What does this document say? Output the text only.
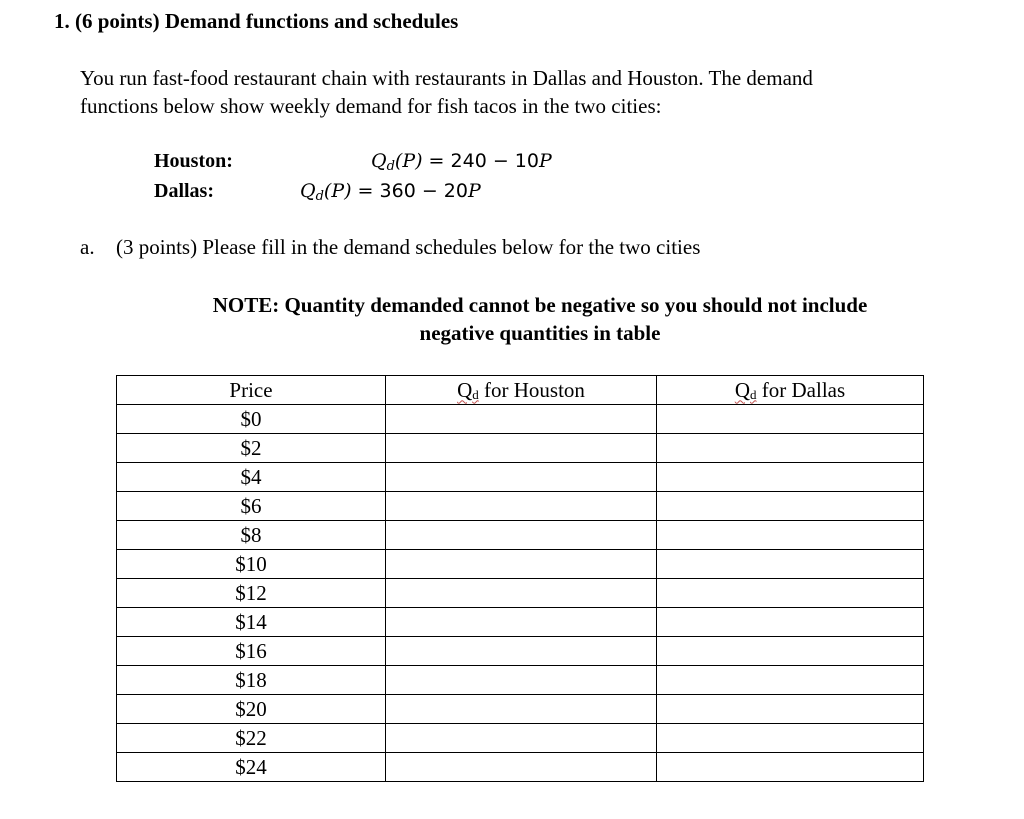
1. (6 points) Demand functions and schedules

You run fast-food restaurant chain with restaurants in Dallas and Houston. The demand
functions below show weekly demand for fish tacos in the two cities:

Houston:	$Q_d(P) = 240 - 10P$
Dallas:	$Q_d(P) = 360 - 20P$
a. (3 points) Please fill in the demand schedules below for the two cities
NOTE: Quantity demanded cannot be negative so you should not include
negative quantities in table
Price	$Q_d$ for Houston	$Q_d$ for Dallas
$0		
$2		
$4		
$6		
$8		
$10		
$12		
$14		
$16		
$18		
$20		
$22		
$24		
